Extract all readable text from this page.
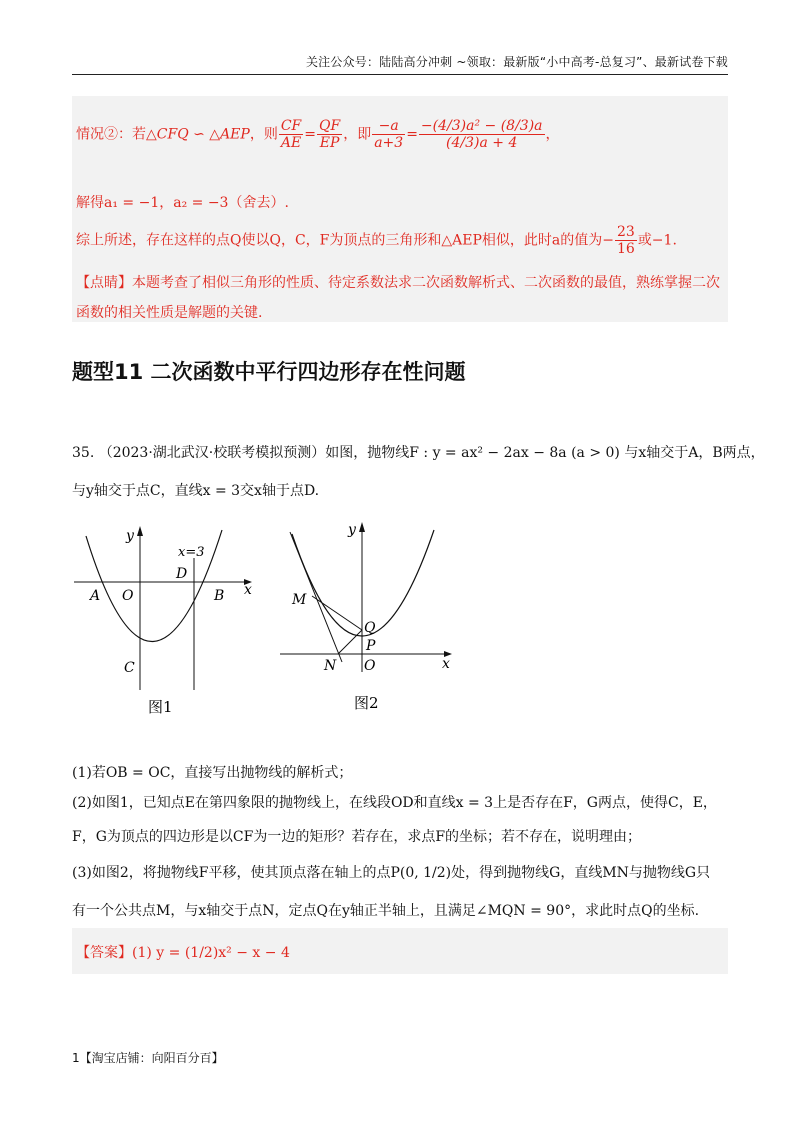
关注公众号：陆陆高分冲刺 ~领取：最新版“小中高考-总复习”、最新试卷下载
情况②：若△CFQ ∽ △AEP，则 $\frac{CF}{AE} = \frac{QF}{EP}$ ，即 $\frac{-a}{a+3} = \frac{\text{−(4/3)a² − (8/3)a}}{(4/3)a + 4}$ ，
解得a₁ = −1，a₂ = −3（舍去）.
综上所述，存在这样的点Q使以Q，C，F为顶点的三角形和△AEP相似，此时a的值为− $\frac{23}{16}$ 或−1.
【点睛】本题考查了相似三角形的性质、待定系数法求二次函数解析式、二次函数的最值，熟练掌握二次
函数的相关性质是解题的关键.
题型11 二次函数中平行四边形存在性问题
35. （2023·湖北武汉·校联考模拟预测）如图，抛物线F : y = ax² − 2ax − 8a (a > 0) 与x轴交于A，B两点，
与y轴交于点C，直线x = 3交x轴于点D.
y
x
x=3
A O
D
B
C
图1
y
x
M
Q
P
N O
图2
(1)若OB = OC，直接写出抛物线的解析式；
(2)如图1，已知点E在第四象限的抛物线上，在线段OD和直线x = 3上是否存在F，G两点，使得C，E，
F，G为顶点的四边形是以CF为一边的矩形？若存在，求点F的坐标；若不存在，说明理由；
(3)如图2，将抛物线F平移，使其顶点落在轴上的点P(0, 1/2)处，得到抛物线G，直线MN与抛物线G只
有一个公共点M，与x轴交于点N，定点Q在y轴正半轴上，且满足∠MQN = 90°，求此时点Q的坐标.
【答案】(1) y = (1/2)x² − x − 4
1【淘宝店铺：向阳百分百】
